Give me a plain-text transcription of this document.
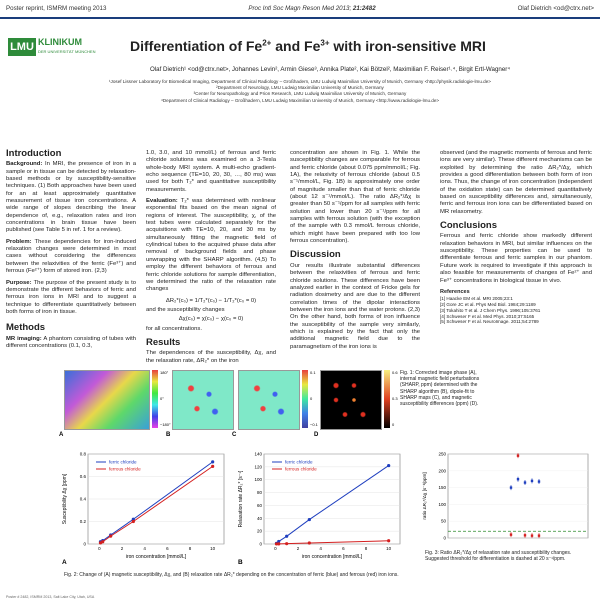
Poster reprint, ISMRM meeting 2013	Proc Intl Soc Magn Reson Med 2013; 21:2482	Olaf Dietrich <od@ctrx.net>
LMU KLINIKUM
DER UNIVERSITÄT MÜNCHEN Differentiation of $Fe^{2+}$ and $Fe^{3+}$ with iron-sensitive MRI
Olaf Dietrich¹ <od@ctrx.net>, Johannes Levin², Armin Giese³, Annika Plate², Kai Bötzel², Maximilian F. Reiser¹˒⁴, Birgit Ertl-Wagner⁴
¹Josef Lissner Laboratory for Biomedical Imaging, Department of Clinical Radiology – Großhadern, LMU Ludwig Maximilian University of Munich, Germany <http://physik.radiologie-lmu.de>
²Department of Neurology, LMU Ludwig Maximilian University of Munich, Germany
³Center for Neuropathology and Prion Research, LMU Ludwig Maximilian University of Munich, Germany
⁴Department of Clinical Radiology – Großhadern, LMU Ludwig Maximilian University of Munich, Germany <http://www.radiologie-lmu.de>
Introduction

Background: In MRI, the presence of iron in a sample or in tissue can be detected by relaxation-based methods or by susceptibility-sensitive techniques. (1) Both approaches have been used for an at least approximately quantitative measurement of tissue iron concentrations. A wide range of slopes describing the linear dependence of, e.g., relaxation rates and iron concentrations in brain tissue have been published (see Table 5 in ref. 1 for a review).

Problem: These dependencies for iron-induced relaxation changes were determined in most cases without considering the differences between the relaxivities of the ferric (Fe³⁺) and ferrous (Fe²⁺) form of stored iron. (2,3)

Purpose: The purpose of the present study is to demonstrate the different behaviors of ferric and ferrous iron ions in MRI and to suggest a technique to differentiate quantitatively between both forms of iron in tissue.

Methods

MR imaging: A phantom consisting of tubes with different concentrations (0.1, 0.3,

1.0, 3.0, and 10 mmol/L) of ferrous and ferric chloride solutions was examined on a 3-Tesla whole-body MRI system. A multi-echo gradient-echo sequence (TE=10, 20, 30, …, 80 ms) was used for both T₂* and quantitative susceptibility measurements.

Evaluation: T₂* was determined with nonlinear exponential fits based on the mean signal of regions of interest. The susceptibility, χ, of the test tubes were calculated separately for the acquisitions with TE=10, 20, and 30 ms by simultaneously fitting the magnetic field of cylindrical tubes to the acquired phase data after removal of background fields and phase unwrapping with the SHARP algorithm. (4,5) To employ the different behaviors of ferrous and ferric chloride solutions for sample differentiation, we determined the ratio of the relaxation rate changes

ΔR₂*(c₀) = 1/T₂*(c₀) − 1/T₂*(c₀ = 0)
and the susceptibility changes
Δχ(c₀) = χ(c₀) − χ(c₀ = 0)

for all concentrations.

Results

The dependences of the susceptibility, Δχ, and the relaxation rate, ΔR₂* on the iron

concentration are shown in Fig. 1. While the susceptibility changes are comparable for ferrous and ferric chloride (about 0.075 ppm/mmol/L; Fig. 1A), the relaxivity of ferrous chloride (about 0.5 s⁻¹/mmol/L, Fig. 1B) is approximately one order of magnitude smaller than that of ferric chloride (about 12 s⁻¹/mmol/L). The ratio ΔR₂*/Δχ is greater than 50 s⁻¹/ppm for all samples with ferric solution and lower than 20 s⁻¹/ppm for all samples with ferrous solution (with the exception of the sample with 0.3 mmol/L ferrous chloride, which might have been prepared with too low ferrous concentration).

Discussion

Our results illustrate substantial differences between the relaxivities of ferrous and ferric chloride solutions. These differences have been analyzed earlier in the context of Fricke gels for radiation dosimetry and are due to the different correlation times of the dipolar interactions between the iron ions and the water protons. (2,3) On the other hand, both forms of iron influence the susceptibility of the sample very similarly, which is explained by the fact that only the additional magnetic field due to the paramagnetism of the iron ions is

observed (and the magnetic moments of ferrous and ferric ions are very similar). These different mechanisms can be exploited by determining the ratio ΔR₂*/Δχ, which provides a good differentiation between both form of iron ions. Thus, the change of iron concentration (independent of the oxidation state) can be determined quantitatively based on susceptibility differences and, simultaneously, ferric and ferrous iron ions can be differentiated based on MR relaxometry.

Conclusions

Ferrous and ferric chloride show markedly different relaxation behaviors in MRI, but similar influences on the susceptibility. These properties can be used to differentiate ferrous and ferric samples in our phantom. Future work is required to investigate if this approach is also feasible for measurements of changes of Fe²⁺ and Fe³⁺ concentrations in biological tissue in vivo.

References
[1] Haacke EM et al. MRI 2005;23:1
[2] Gore JC et al. Phys Med Biol. 1984;29:1189
[3] Tokahito T et al. J Chem Phys. 1996;105:3761
[4] Schweser F et al. Med Phys. 2010;37:5165
[5] Schweser F et al. NeuroImage. 2011;54:2789
A
180°
0°
−180°
B	C
0.1
0
−0.1
D
0.6
0.3
0
Fig. 1: Corrected image phase (A), internal magnetic field perturbations (SHARP, ppm) determined with the SHARP algorithm (B), dipole-fit to SHARP maps (C), and magnetic susceptibility differences (ppm) (D).
0
0.2
0.4
0.6
0.8
0	2	4	6	8	10
iron concentration [mmol/L]
Susceptibility Δχ [ppm]
ferric chloride
ferrous chloride
A
0
20
40
60
80
100
120
140
0	2	4	6	8	10
iron concentration [mmol/L]
Relaxation rate ΔR₂* [s⁻¹]
ferric chloride
ferrous chloride
B
Fig. 2: Change of (A) magnetic susceptibility, Δχ, and (B) relaxation rate ΔR₂* depending on the concentration of ferric (blue) and ferrous (red) iron ions.
0
50
100
150
200
250
ratio ΔR₂*/Δχ [s⁻¹/ppm]
Fig. 3: Ratio ΔR₂*/Δχ of relaxation rate and susceptibility changes. Suggested threshold for differentiation is dashed at 20 s⁻¹/ppm.
Poster # 2482, ISMRM 2013, Salt Lake City, Utah, USA
